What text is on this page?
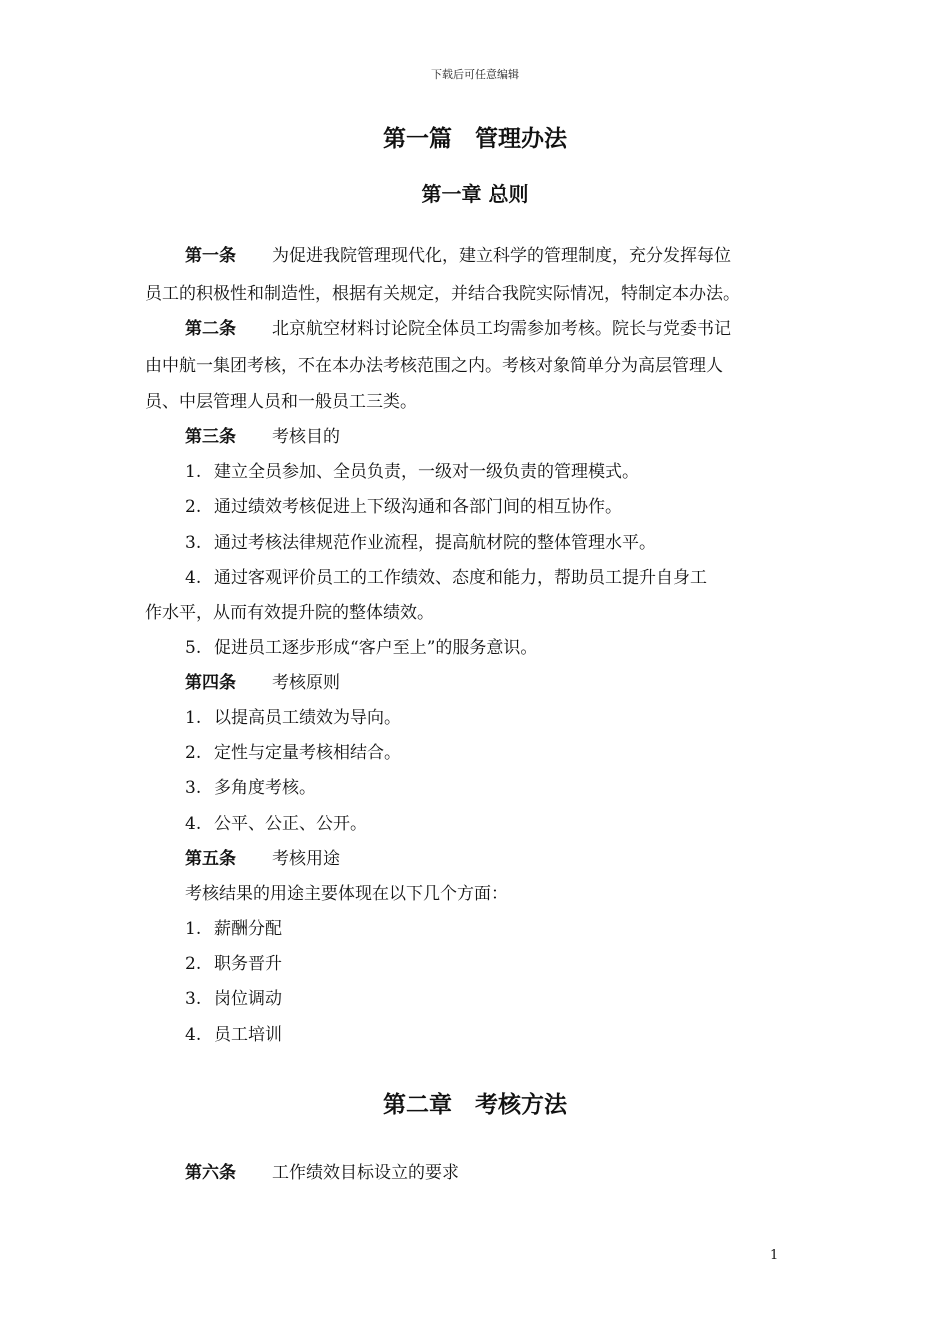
下载后可任意编辑
第一篇　管理办法
第一章 总则
第一条 为促进我院管理现代化，建立科学的管理制度，充分发挥每位
员工的积极性和制造性，根据有关规定，并结合我院实际情况，特制定本办法。
第二条 北京航空材料讨论院全体员工均需参加考核。院长与党委书记
由中航一集团考核，不在本办法考核范围之内。考核对象简单分为高层管理人
员、中层管理人员和一般员工三类。
第三条 考核目的
1. 建立全员参加、全员负责，一级对一级负责的管理模式。
2. 通过绩效考核促进上下级沟通和各部门间的相互协作。
3. 通过考核法律规范作业流程，提高航材院的整体管理水平。
4. 通过客观评价员工的工作绩效、态度和能力，帮助员工提升自身工
作水平，从而有效提升院的整体绩效。
5. 促进员工逐步形成“客户至上”的服务意识。
第四条 考核原则
1. 以提高员工绩效为导向。
2. 定性与定量考核相结合。
3. 多角度考核。
4. 公平、公正、公开。
第五条 考核用途
考核结果的用途主要体现在以下几个方面：
1. 薪酬分配
2. 职务晋升
3. 岗位调动
4. 员工培训
第二章　考核方法
第六条 工作绩效目标设立的要求
1
